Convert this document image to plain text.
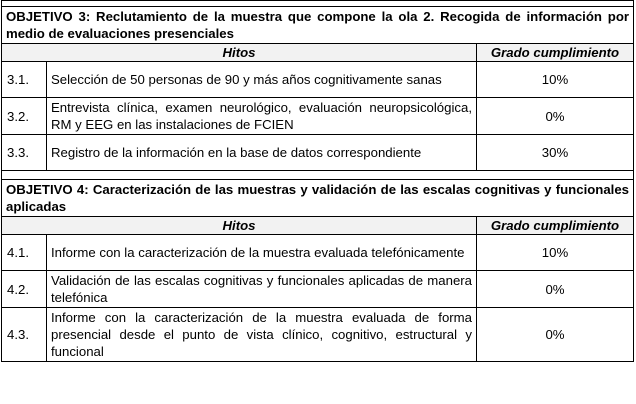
OBJETIVO 3: Reclutamiento de la muestra que compone la ola 2. Recogida de información por medio de evaluaciones presenciales		
Hitos		Grado cumplimiento
3.1.	Selección de 50 personas de 90 y más años cognitivamente sanas	10%
3.2.	Entrevista clínica, examen neurológico, evaluación neuropsicológica, RM y EEG en las instalaciones de FCIEN	0%
3.3.	Registro de la información en la base de datos correspondiente	30%

OBJETIVO 4: Caracterización de las muestras y validación de las escalas cognitivas y funcionales aplicadas		
Hitos		Grado cumplimiento
4.1.	Informe con la caracterización de la muestra evaluada telefónicamente	10%
4.2.	Validación de las escalas cognitivas y funcionales aplicadas de manera telefónica	0%
4.3.	Informe con la caracterización de la muestra evaluada de forma presencial desde el punto de vista clínico, cognitivo, estructural y funcional	0%
